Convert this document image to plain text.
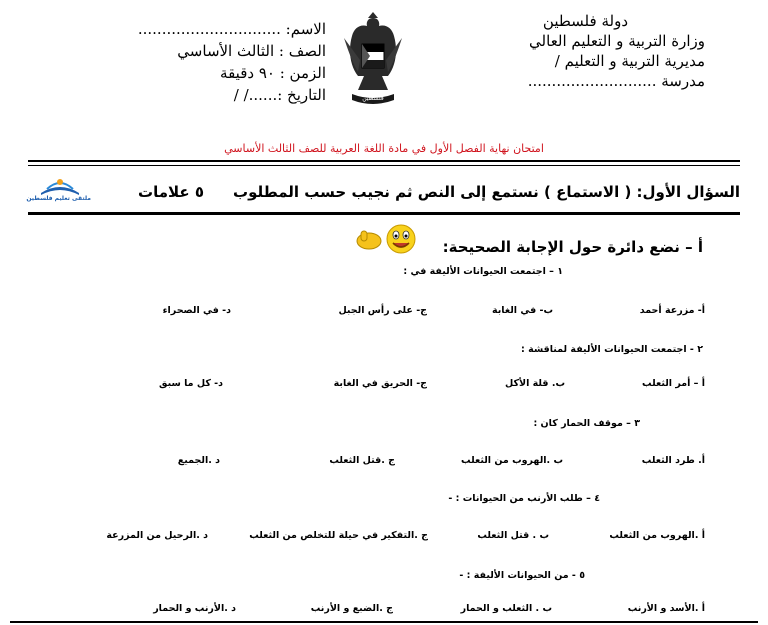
دولة فلسطين
وزارة التربية و التعليم العالي
مديرية التربية و التعليم /
مدرسة ...........................
فلسطين
الاسم: ..............................
الصف : الثالث الأساسي
الزمن : ٩٠ دقيقة
التاريخ :....../ /
امتحان نهاية الفصل الأول في مادة اللغة العربية للصف الثالث الأساسي
ملتقى تعليم فلسطين	السؤال الأول: ( الاستماع ) نستمع إلى النص ثم نجيب حسب المطلوب
٥ علامات
أ – نضع دائرة حول الإجابة الصحيحة:
١ – اجتمعت الحيوانات الأليفة في :
أ- مزرعة أحمد
ب- في الغابة
ج- على رأس الجبل
د- في الصحراء
٢ - اجتمعت الحيوانات الأليفة لمناقشة :
أ – أمر الثعلب
ب. قلة الأكل
ج- الحريق في الغابة
د- كل ما سبق
٣ – موقف الحمار كان :
أ. طرد الثعلب
ب .الهروب من الثعلب
ج .قتل الثعلب
د .الجميع
٤ – طلب الأرنب من الحيوانات : -
أ .الهروب من الثعلب
ب . قتل الثعلب
ج .التفكير في حيلة للتخلص من الثعلب
د .الرحيل من المزرعة
٥ - من الحيوانات الأليفة : -
أ .الأسد و الأرنب
ب . الثعلب و الحمار
ج .الضبع و الأرنب
د .الأرنب و الحمار
